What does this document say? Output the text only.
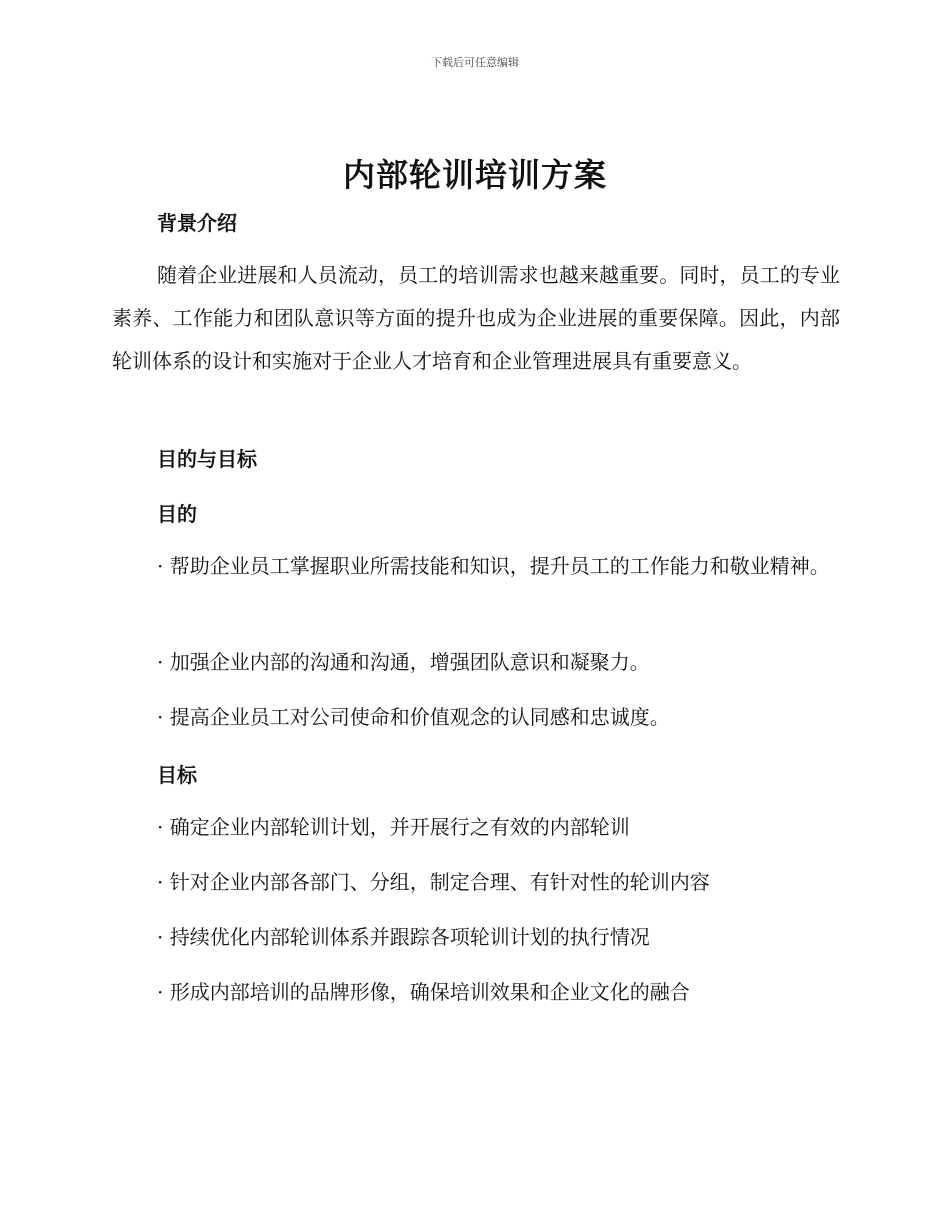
下载后可任意编辑
内部轮训培训方案
背景介绍
随着企业进展和人员流动，员工的培训需求也越来越重要。同时，员工的专业素养、工作能力和团队意识等方面的提升也成为企业进展的重要保障。因此，内部轮训体系的设计和实施对于企业人才培育和企业管理进展具有重要意义。
目的与目标
目的
· 帮助企业员工掌握职业所需技能和知识，提升员工的工作能力和敬业精神。
· 加强企业内部的沟通和沟通，增强团队意识和凝聚力。
· 提高企业员工对公司使命和价值观念的认同感和忠诚度。
目标
· 确定企业内部轮训计划，并开展行之有效的内部轮训
· 针对企业内部各部门、分组，制定合理、有针对性的轮训内容
· 持续优化内部轮训体系并跟踪各项轮训计划的执行情况
· 形成内部培训的品牌形像，确保培训效果和企业文化的融合
